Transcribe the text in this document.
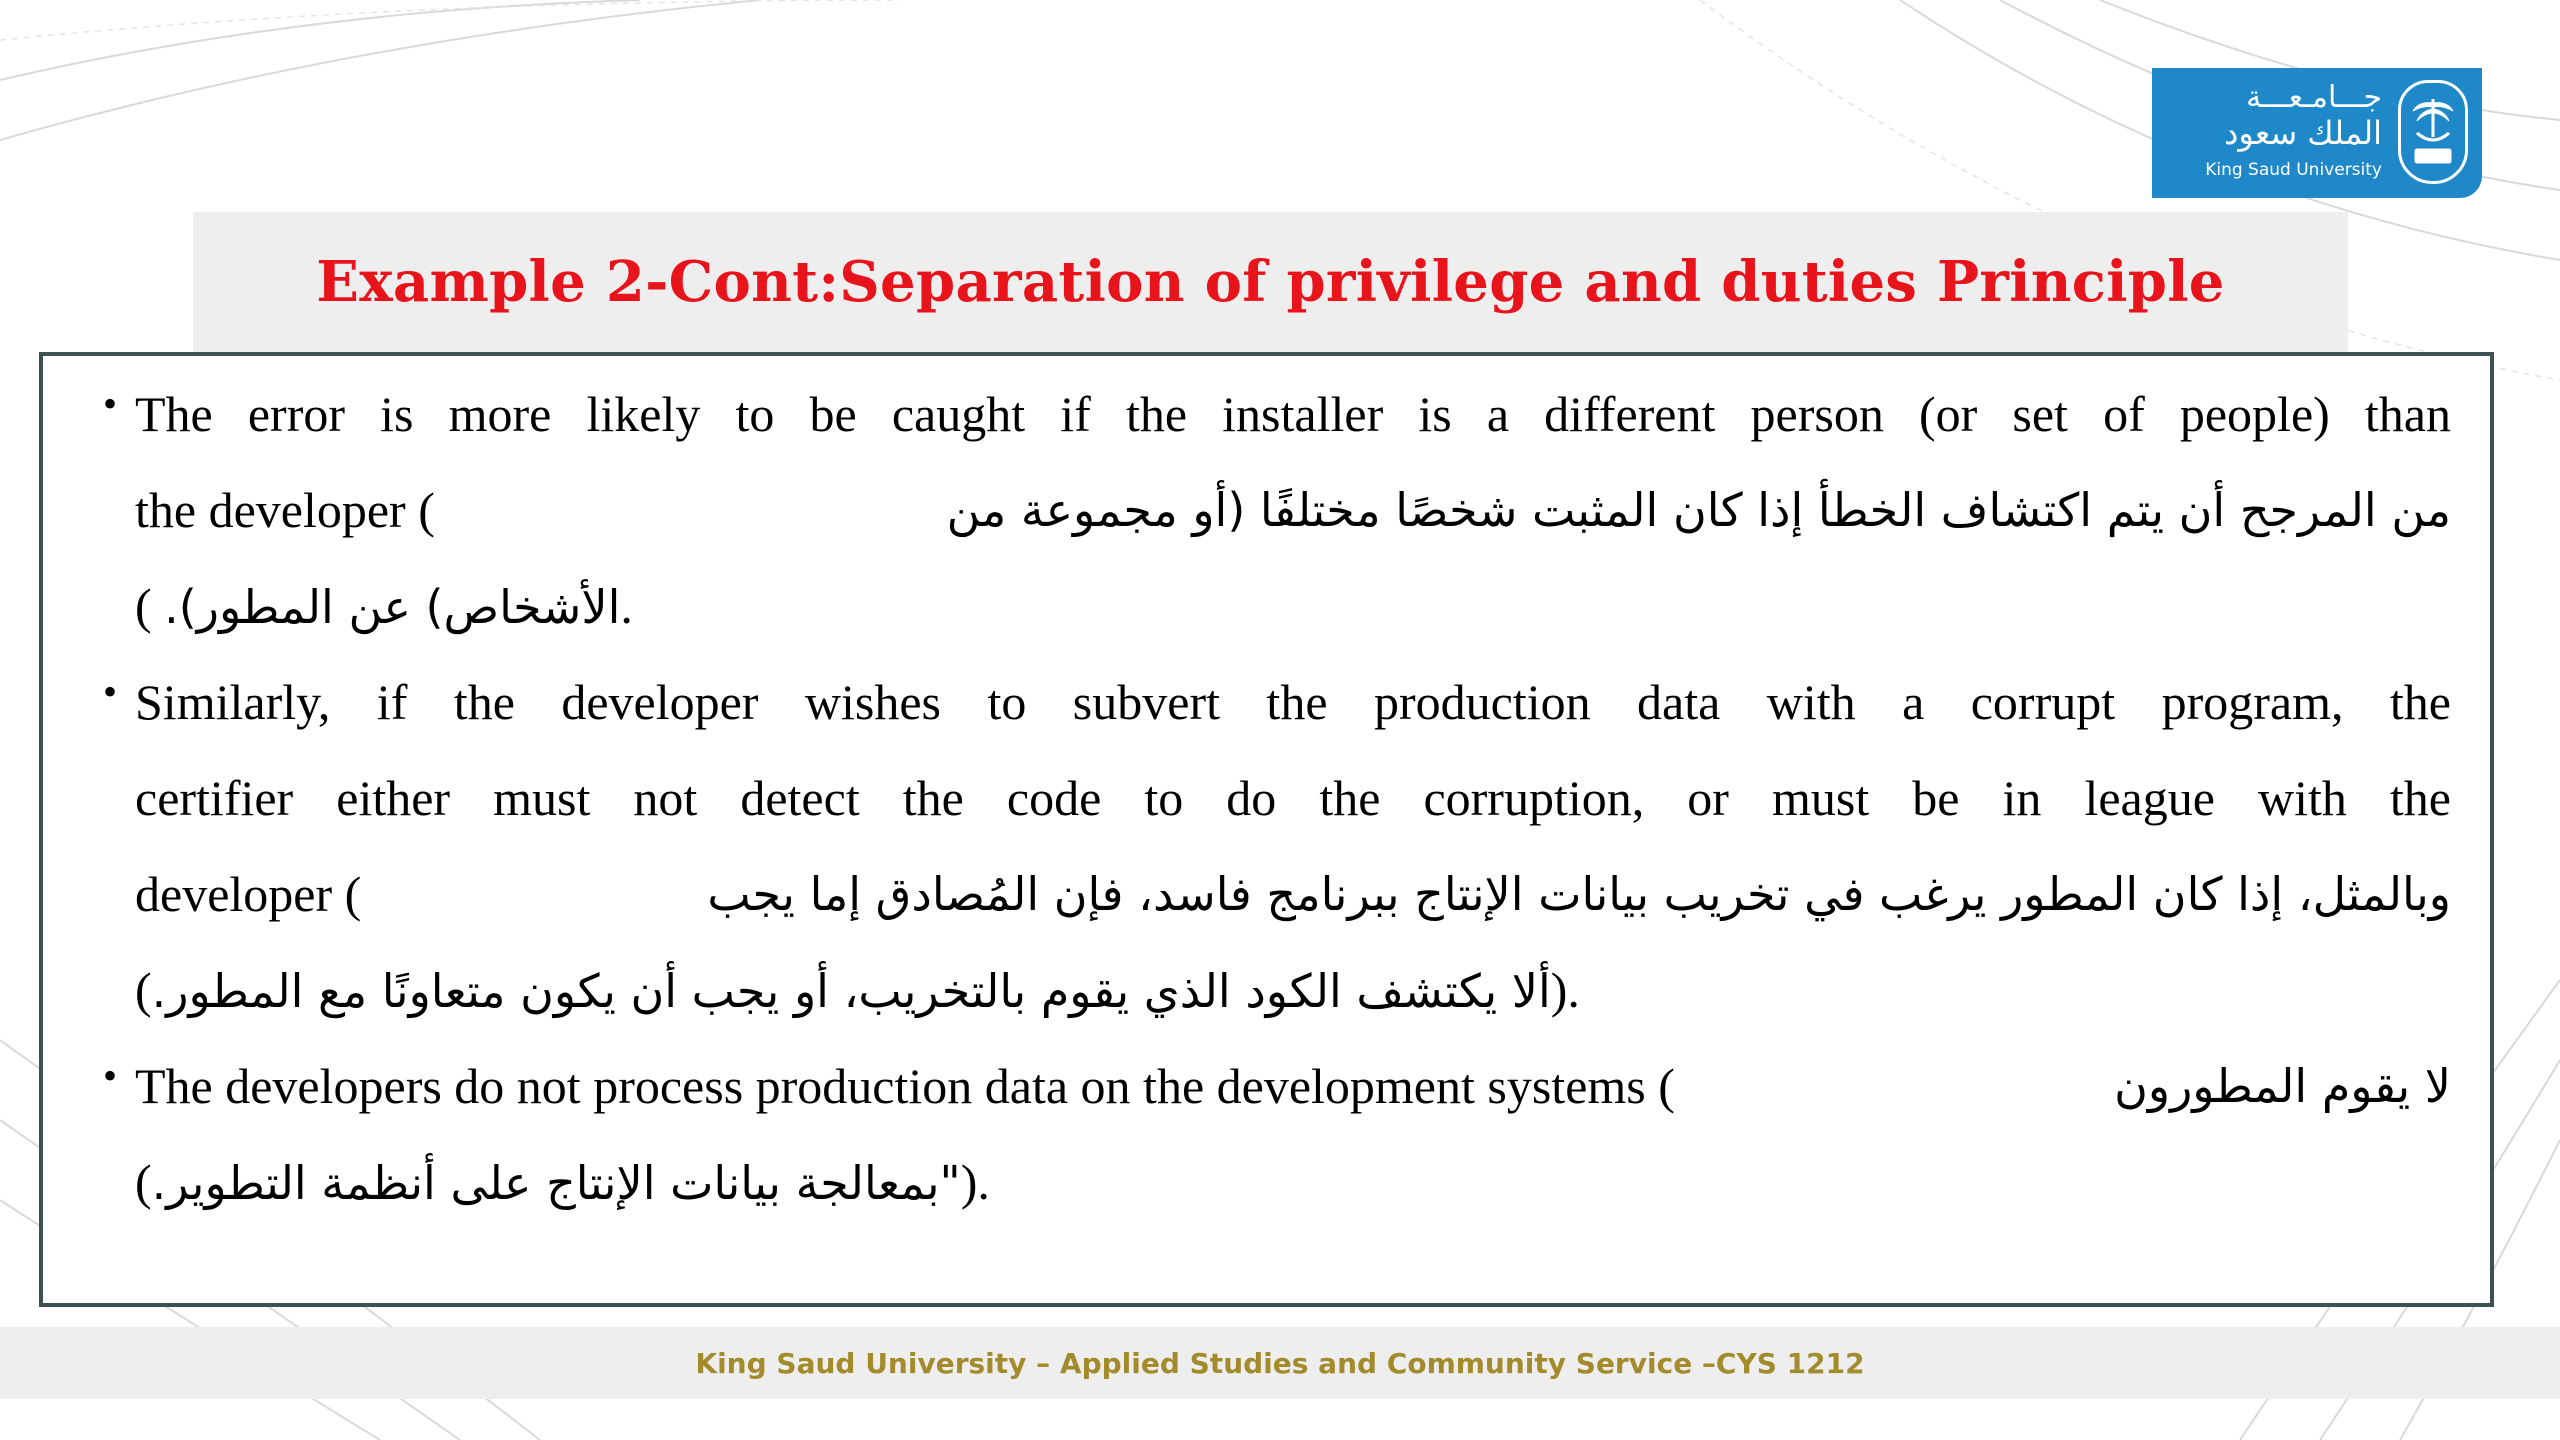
جـــامـعـــة
الملك سعود
King Saud University
Example 2-Cont:Separation of privilege and duties Principle
• The error is more likely to be caught if the installer is a different person (or set of people) than
the developer (	من المرجح أن يتم اكتشاف الخطأ إذا كان المثبت شخصًا مختلفًا (أو مجموعة من
( الأشخاص) عن المطور)..
• Similarly, if the developer wishes to subvert the production data with a corrupt program, the
certifier either must not detect the code to do the corruption, or must be in league with the
developer (	وبالمثل، إذا كان المطور يرغب في تخريب بيانات الإنتاج ببرنامج فاسد، فإن المُصادق إما يجب
(ألا يكتشف الكود الذي يقوم بالتخريب، أو يجب أن يكون متعاونًا مع المطور.).
• The developers do not process production data on the development systems (	لا يقوم المطورون
("بمعالجة بيانات الإنتاج على أنظمة التطوير.).
King Saud University – Applied Studies and Community Service –CYS 1212
